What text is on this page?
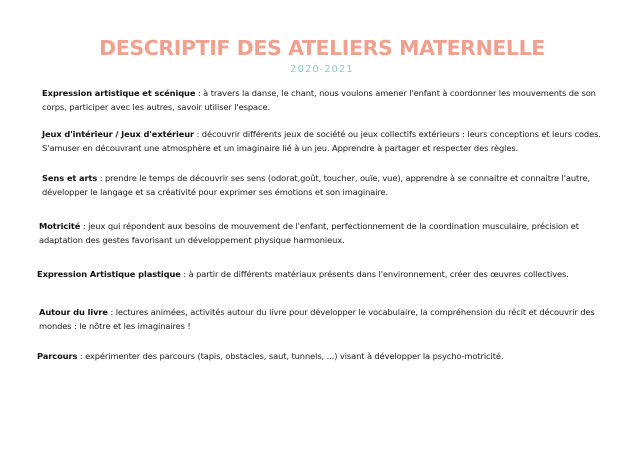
DESCRIPTIF DES ATELIERS MATERNELLE
2020-2021

Expression artistique et scénique : à travers la danse, le chant, nous voulons amener l'enfant à coordonner les mouvements de son corps, participer avec les autres, savoir utiliser l'espace.

Jeux d'intérieur / Jeux d'extérieur : découvrir différents jeux de société ou jeux collectifs extérieurs : leurs conceptions et leurs codes. S'amuser en découvrant une atmosphère et un imaginaire lié à un jeu. Apprendre à partager et respecter des règles.

Sens et arts : prendre le temps de découvrir ses sens (odorat,goût, toucher, ouïe, vue), apprendre à se connaitre et connaitre l'autre, développer le langage et sa créativité pour exprimer ses émotions et son imaginaire.

Motricité : jeux qui répondent aux besoins de mouvement de l'enfant, perfectionnement de la coordination musculaire, précision et adaptation des gestes favorisant un développement physique harmonieux.

Expression Artistique plastique : à partir de différents matériaux présents dans l'environnement, créer des œuvres collectives.

Autour du livre : lectures animées, activités autour du livre pour développer le vocabulaire, la compréhension du récit et découvrir des mondes : le nôtre et les imaginaires !

Parcours : expérimenter des parcours (tapis, obstacles, saut, tunnels, ...) visant à développer la psycho-motricité.
